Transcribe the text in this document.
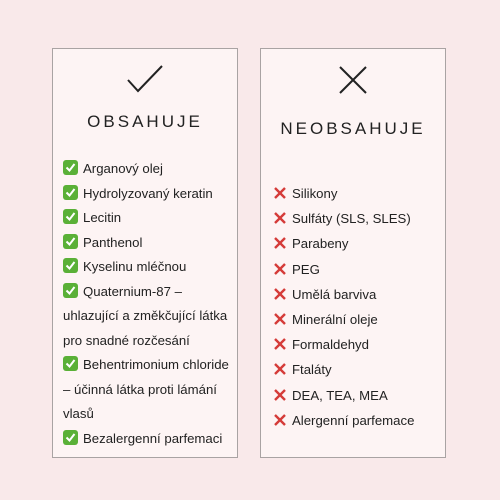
OBSAHUJE
Arganový olej
Hydrolyzovaný keratin
Lecitin
Panthenol
Kyselinu mléčnou
Quaternium-87 – uhlazující a změkčující látka pro snadné rozčesání
Behentrimonium chloride – účinná látka proti lámání vlasů
Bezalergenní parfemaci
NEOBSAHUJE
Silikony
Sulfáty (SLS, SLES)
Parabeny
PEG
Umělá barviva
Minerální oleje
Formaldehyd
Ftaláty
DEA, TEA, MEA
Alergenní parfemace
